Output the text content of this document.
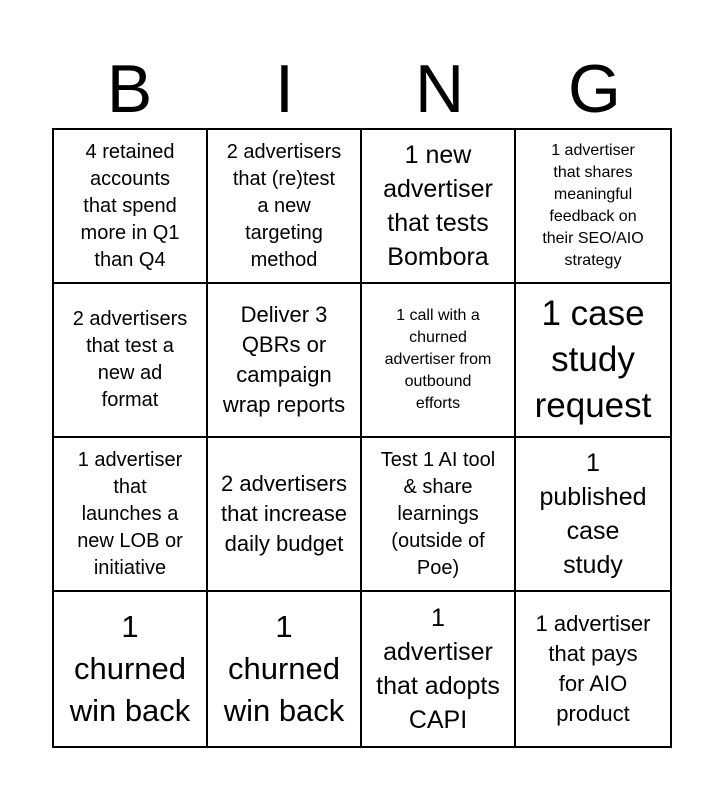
B	I	N	G
4 retained
accounts
that spend
more in Q1
than Q4
2 advertisers
that (re)test
a new
targeting
method
1 new
advertiser
that tests
Bombora
1 advertiser
that shares
meaningful
feedback on
their SEO/AIO
strategy
2 advertisers
that test a
new ad
format
Deliver 3
QBRs or
campaign
wrap reports
1 call with a
churned
advertiser from
outbound
efforts
1 case
study
request
1 advertiser
that
launches a
new LOB or
initiative
2 advertisers
that increase
daily budget
Test 1 AI tool
& share
learnings
(outside of
Poe)
1
published
case
study
1
churned
win back
1
churned
win back
1
advertiser
that adopts
CAPI
1 advertiser
that pays
for AIO
product
